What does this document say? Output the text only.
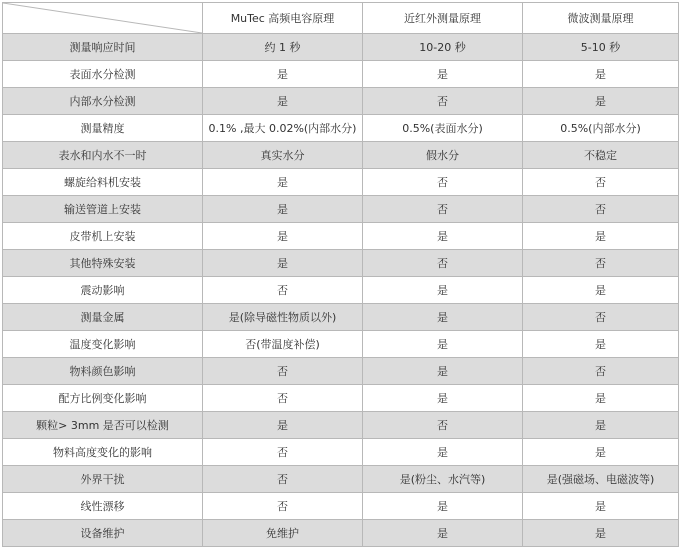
	MuTec 高频电容原理	近红外测量原理	微波测量原理
测量响应时间	约 1 秒	10-20 秒	5-10 秒
表面水分检测	是	是	是
内部水分检测	是	否	是
测量精度	0.1% ,最大 0.02%(内部水分)	0.5%(表面水分)	0.5%(内部水分)
表水和内水不一时	真实水分	假水分	不稳定
螺旋给料机安装	是	否	否
输送管道上安装	是	否	否
皮带机上安装	是	是	是
其他特殊安装	是	否	否
震动影响	否	是	是
测量金属	是(除导磁性物质以外)	是	否
温度变化影响	否(带温度补偿)	是	是
物料颜色影响	否	是	否
配方比例变化影响	否	是	是
颗粒> 3mm 是否可以检测	是	否	是
物料高度变化的影响	否	是	是
外界干扰	否	是(粉尘、水汽等)	是(强磁场、电磁波等)
线性漂移	否	是	是
设备维护	免维护	是	是
